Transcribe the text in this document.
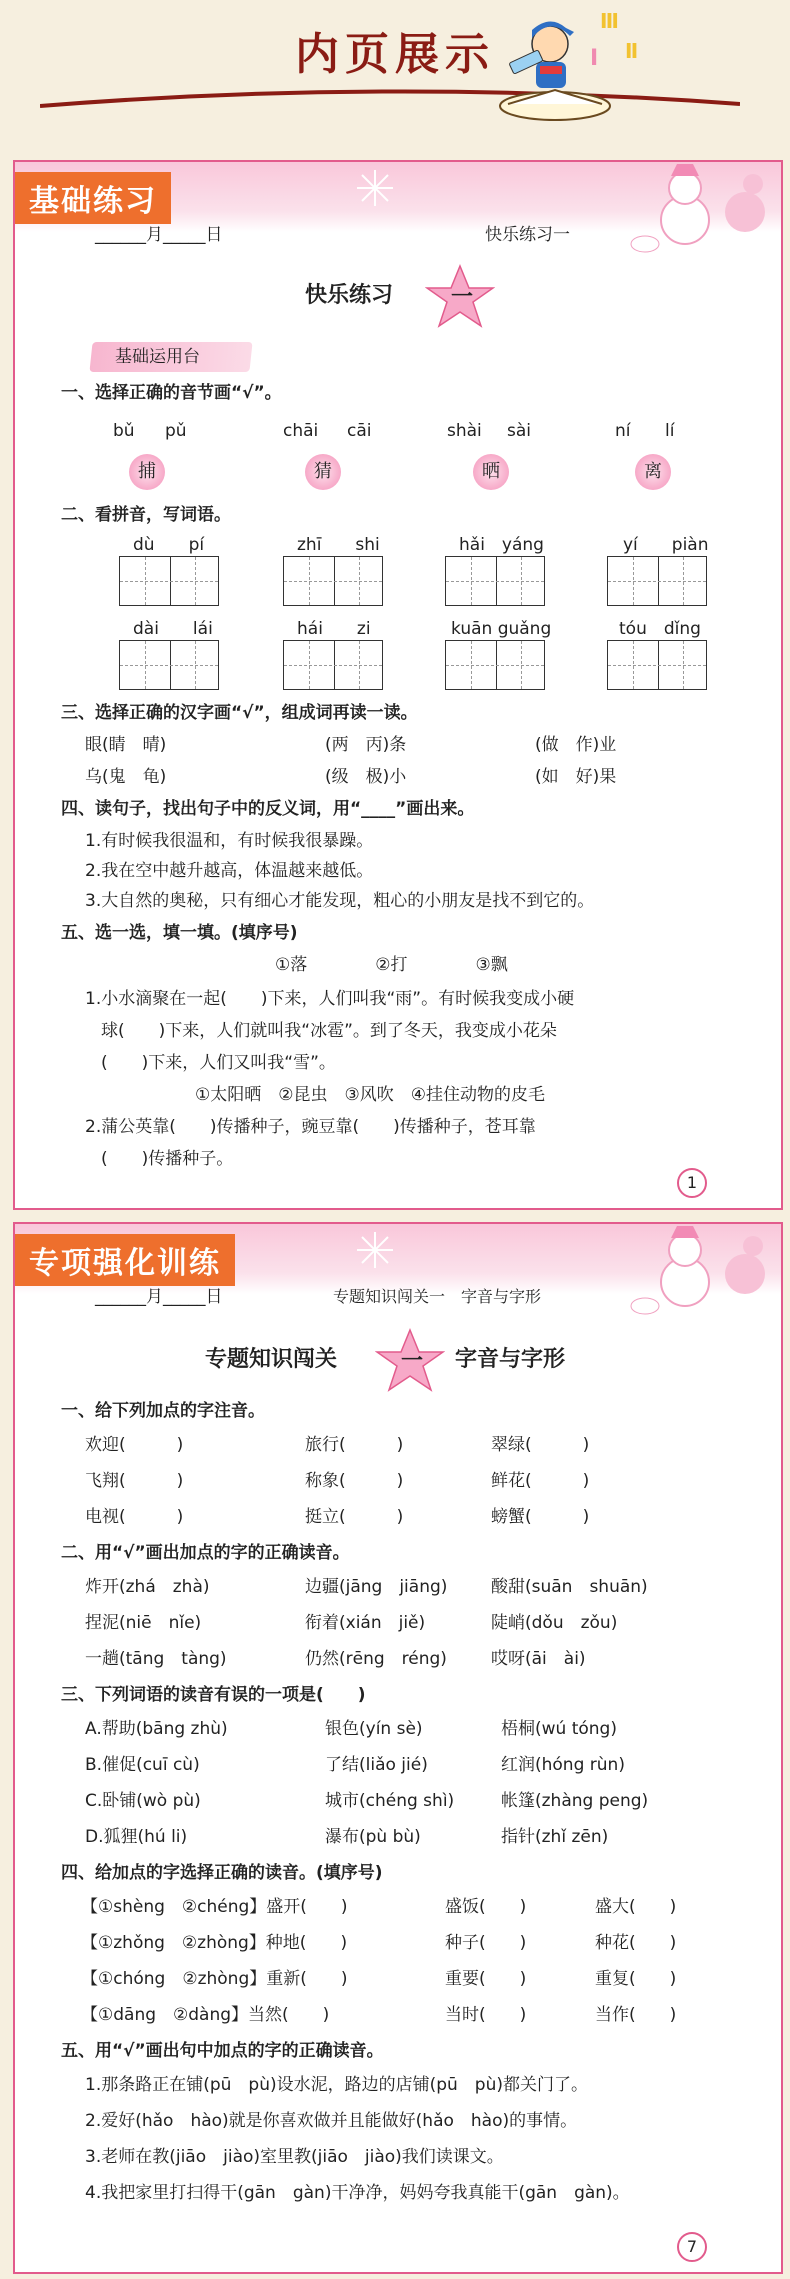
内页展示
Ⅲ
Ⅰ Ⅱ
基础练习
______月_____日	快乐练习一
快乐练习	一
基础运用台
一、选择正确的音节画“√”。
bǔ pǔ
捕
chāi cāi
猜
shài sài
晒
ní lí
离
二、看拼音，写词语。
dù　　pí	zhī　　shi	hǎi　yáng	yí　　piàn
dài　　lái	hái　　zi	kuān guǎng	tóu　dǐng
三、选择正确的汉字画“√”，组成词再读一读。
眼(睛　晴)	(两　丙)条	(做　作)业
乌(鬼　龟)	(级　极)小	(如　好)果
四、读句子，找出句子中的反义词，用“____”画出来。
1.有时候我很温和，有时候我很暴躁。
2.我在空中越升越高，体温越来越低。
3.大自然的奥秘，只有细心才能发现，粗心的小朋友是找不到它的。
五、选一选，填一填。(填序号)
①落　　　　②打　　　　③飘
1.小水滴聚在一起(　　)下来，人们叫我“雨”。有时候我变成小硬
球(　　)下来，人们就叫我“冰雹”。到了冬天，我变成小花朵
(　　)下来，人们又叫我“雪”。
①太阳晒　②昆虫　③风吹　④挂住动物的皮毛
2.蒲公英靠(　　)传播种子，豌豆靠(　　)传播种子，苍耳靠
(　　)传播种子。
1
专项强化训练
______月_____日	专题知识闯关一　字音与字形
专题知识闯关	一 字音与字形
一、给下列加点的字注音。
欢迎(　　　)	旅行(　　　)	翠绿(　　　)
飞翔(　　　)	称象(　　　)	鲜花(　　　)
电视(　　　)	挺立(　　　)	螃蟹(　　　)
二、用“√”画出加点的字的正确读音。
炸开(zhá　zhà)	边疆(jāng　jiāng)	酸甜(suān　shuān)
捏泥(niē　nǐe)	衔着(xián　jiě)	陡峭(dǒu　zǒu)
一趟(tāng　tàng)	仍然(rēng　réng)	哎呀(āi　ài)
三、下列词语的读音有误的一项是(　　)
A.帮助(bāng zhù)	银色(yín sè)	梧桐(wú tóng)
B.催促(cuī cù)	了结(liǎo jié)	红润(hóng rùn)
C.卧铺(wò pù)	城市(chéng shì)	帐篷(zhàng peng)
D.狐狸(hú li)	瀑布(pù bù)	指针(zhǐ zēn)
四、给加点的字选择正确的读音。(填序号)
【①shèng　②chéng】盛开(　　)	盛饭(　　)	盛大(　　)
【①zhǒng　②zhòng】种地(　　)	种子(　　)	种花(　　)
【①chóng　②zhòng】重新(　　)	重要(　　)	重复(　　)
【①dāng　②dàng】当然(　　)	当时(　　)	当作(　　)
五、用“√”画出句中加点的字的正确读音。
1.那条路正在铺(pū　pù)设水泥，路边的店铺(pū　pù)都关门了。
2.爱好(hǎo　hào)就是你喜欢做并且能做好(hǎo　hào)的事情。
3.老师在教(jiāo　jiào)室里教(jiāo　jiào)我们读课文。
4.我把家里打扫得干(gān　gàn)干净净，妈妈夸我真能干(gān　gàn)。
7
